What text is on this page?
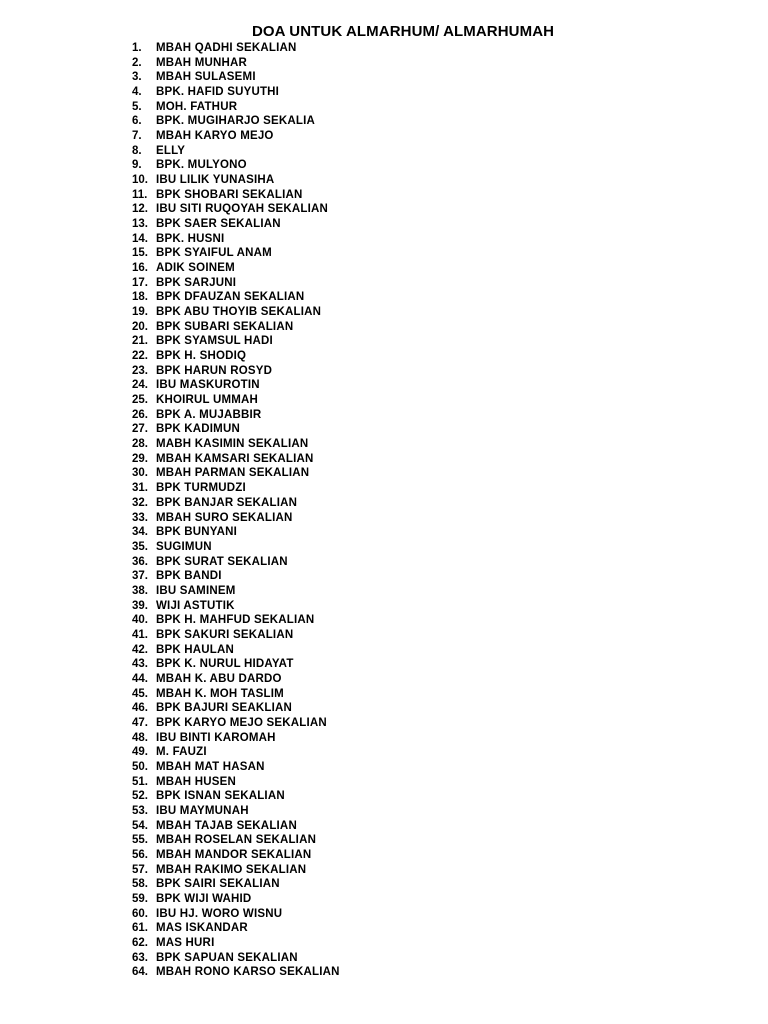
DOA UNTUK ALMARHUM/ ALMARHUMAH
1.	MBAH QADHI SEKALIAN
2.	MBAH MUNHAR
3.	MBAH SULASEMI
4.	BPK. HAFID SUYUTHI
5.	MOH. FATHUR
6.	BPK. MUGIHARJO SEKALIA
7.	MBAH KARYO MEJO
8.	ELLY
9.	BPK. MULYONO
10. IBU LILIK YUNASIHA
11. BPK SHOBARI SEKALIAN
12. IBU SITI RUQOYAH SEKALIAN
13. BPK SAER SEKALIAN
14. BPK. HUSNI
15. BPK SYAIFUL ANAM
16. ADIK SOINEM
17. BPK SARJUNI
18. BPK DFAUZAN SEKALIAN
19. BPK ABU THOYIB SEKALIAN
20. BPK SUBARI SEKALIAN
21. BPK SYAMSUL HADI
22. BPK H. SHODIQ
23. BPK HARUN ROSYD
24. IBU MASKUROTIN
25. KHOIRUL UMMAH
26. BPK A. MUJABBIR
27. BPK KADIMUN
28. MABH KASIMIN SEKALIAN
29. MBAH KAMSARI SEKALIAN
30. MBAH PARMAN SEKALIAN
31. BPK TURMUDZI
32. BPK BANJAR SEKALIAN
33. MBAH SURO SEKALIAN
34. BPK BUNYANI
35. SUGIMUN
36. BPK SURAT SEKALIAN
37. BPK BANDI
38. IBU SAMINEM
39. WIJI ASTUTIK
40. BPK H. MAHFUD SEKALIAN
41. BPK SAKURI SEKALIAN
42. BPK HAULAN
43. BPK K. NURUL HIDAYAT
44. MBAH K. ABU DARDO
45. MBAH K. MOH TASLIM
46. BPK BAJURI SEAKLIAN
47. BPK KARYO MEJO SEKALIAN
48. IBU BINTI KAROMAH
49. M. FAUZI
50. MBAH MAT HASAN
51. MBAH HUSEN
52. BPK ISNAN SEKALIAN
53. IBU MAYMUNAH
54. MBAH TAJAB SEKALIAN
55. MBAH ROSELAN SEKALIAN
56. MBAH MANDOR SEKALIAN
57. MBAH RAKIMO SEKALIAN
58. BPK SAIRI SEKALIAN
59. BPK WIJI WAHID
60. IBU HJ. WORO WISNU
61. MAS ISKANDAR
62. MAS HURI
63. BPK SAPUAN SEKALIAN
64. MBAH RONO KARSO SEKALIAN
